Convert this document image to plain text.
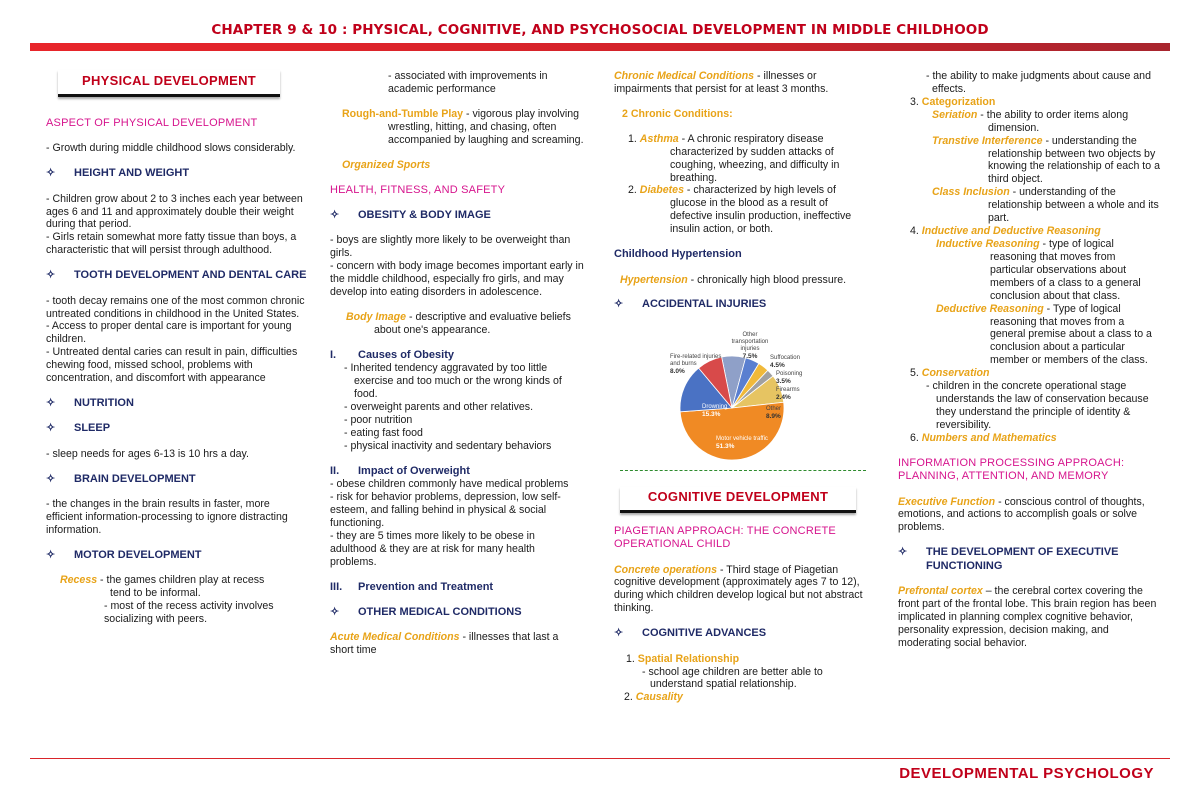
CHAPTER 9 & 10 : PHYSICAL, COGNITIVE, AND PSYCHOSOCIAL DEVELOPMENT IN MIDDLE CHILDHOOD
PHYSICAL DEVELOPMENT

ASPECT OF PHYSICAL DEVELOPMENT

- Growth during middle childhood slows considerably.

✧ HEIGHT AND WEIGHT

- Children grow about 2 to 3 inches each year between ages 6 and 11 and approximately double their weight during that period.

- Girls retain somewhat more fatty tissue than boys, a characteristic that will persist through adulthood.

✧ TOOTH DEVELOPMENT AND DENTAL CARE

- tooth decay remains one of the most common chronic untreated conditions in childhood in the United States.

- Access to proper dental care is important for young children.

- Untreated dental caries can result in pain, difficulties chewing food, missed school, problems with concentration, and discomfort with appearance

✧ NUTRITION

✧ SLEEP

- sleep needs for ages 6-13 is 10 hrs a day.

✧ BRAIN DEVELOPMENT

- the changes in the brain results in faster, more efficient information-processing to ignore distracting information.

✧ MOTOR DEVELOPMENT

Recess - the games children play at recess

tend to be informal.

- most of the recess activity involves socializing with peers.

- associated with improvements in academic performance

Rough-and-Tumble Play - vigorous play involving wrestling, hitting, and chasing, often accompanied by laughing and screaming.

Organized Sports

HEALTH, FITNESS, AND SAFETY

✧ OBESITY & BODY IMAGE

- boys are slightly more likely to be overweight than girls.

- concern with body image becomes important early in the middle childhood, especially fro girls, and may develop into eating disorders in adolescence.

Body Image - descriptive and evaluative beliefs about one's appearance.

I. Causes of Obesity

- Inherited tendency aggravated by too little exercise and too much or the wrong kinds of food.

- overweight parents and other relatives.

- poor nutrition

- eating fast food

- physical inactivity and sedentary behaviors

II. Impact of Overweight

- obese children commonly have medical problems

- risk for behavior problems, depression, low self-esteem, and falling behind in physical & social functioning.

- they are 5 times more likely to be obese in adulthood & they are at risk for many health problems.

III. Prevention and Treatment

✧ OTHER MEDICAL CONDITIONS

Acute Medical Conditions - illnesses that last a short time

Chronic Medical Conditions - illnesses or impairments that persist for at least 3 months.

2 Chronic Conditions:

1. Asthma - A chronic respiratory disease characterized by sudden attacks of coughing, wheezing, and difficulty in breathing.

2. Diabetes - characterized by high levels of glucose in the blood as a result of defective insulin production, ineffective insulin action, or both.

Childhood Hypertension

Hypertension - chronically high blood pressure.

✧ ACCIDENTAL INJURIES

Other
transportation injuries
7.5%
Fire-related injuries
and burns
8.0%
Suffocation
4.5%
Poisoning
3.5%
Firearms
2.4%
Other
8.9%
Drowning
15.3%
Motor vehicle traffic
51.3%
COGNITIVE DEVELOPMENT

PIAGETIAN APPROACH: THE CONCRETE OPERATIONAL CHILD

Concrete operations - Third stage of Piagetian cognitive development (approximately ages 7 to 12), during which children develop logical but not abstract thinking.

✧ COGNITIVE ADVANCES

1. Spatial Relationship

- school age children are better able to understand spatial relationship.

2. Causality

- the ability to make judgments about cause and effects.

3. Categorization

Seriation - the ability to order items along dimension.

Transtive Interference - understanding the relationship between two objects by knowing the relationship of each to a third object.

Class Inclusion - understanding of the relationship between a whole and its part.

4. Inductive and Deductive Reasoning

Inductive Reasoning - type of logical reasoning that moves from particular observations about members of a class to a general conclusion about that class.

Deductive Reasoning - Type of logical reasoning that moves from a general premise about a class to a conclusion about a particular member or members of the class.

5. Conservation

- children in the concrete operational stage understands the law of conservation because they understand the principle of identity & reversibility.

6. Numbers and Mathematics

INFORMATION PROCESSING APPROACH: PLANNING, ATTENTION, AND MEMORY

Executive Function - conscious control of thoughts, emotions, and actions to accomplish goals or solve problems.

✧ THE DEVELOPMENT OF EXECUTIVE FUNCTIONING

Prefrontal cortex – the cerebral cortex covering the front part of the frontal lobe. This brain region has been implicated in planning complex cognitive behavior, personality expression, decision making, and moderating social behavior.

DEVELOPMENTAL PSYCHOLOGY
